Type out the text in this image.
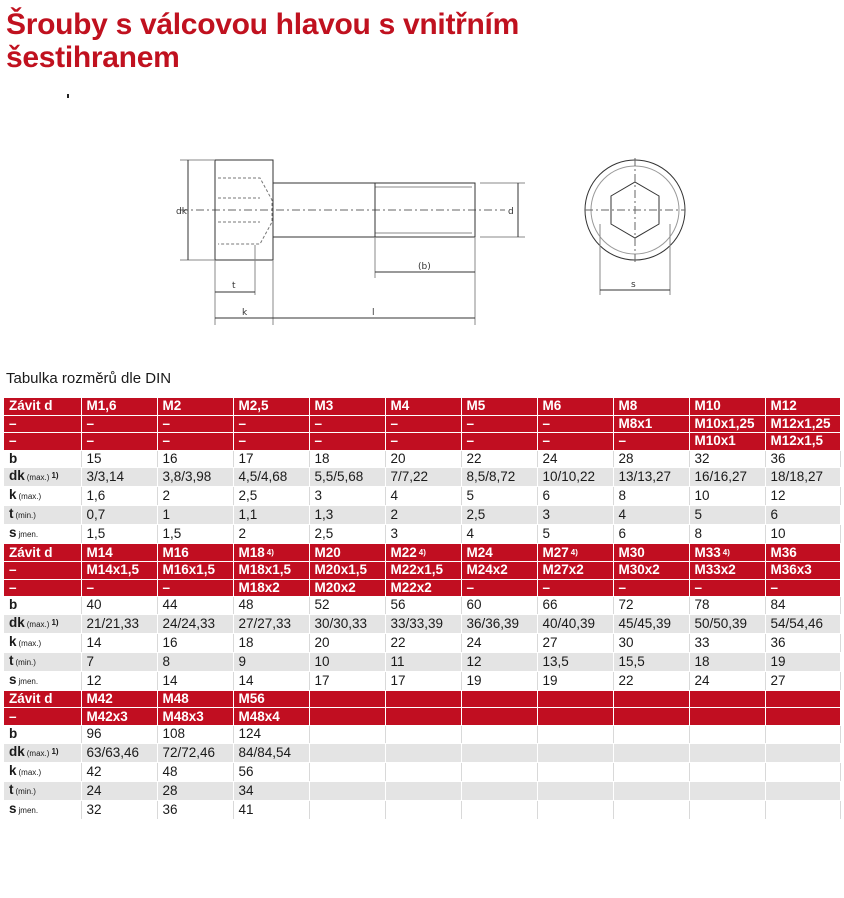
Šrouby s válcovou hlavou s vnitřním
šestihranem
dk	d
t
k	l
(b)
s
Tabulka rozměrů dle DIN
Závit d	M1,6	M2	M2,5	M3	M4	M5	M6	M8	M10	M12
–	–	–	–	–	–	–	–	M8x1	M10x1,25	M12x1,25
–	–	–	–	–	–	–	–	–	M10x1	M12x1,5
b	15	16	17	18	20	22	24	28	32	36
dk (max.) $^{1)}$	3/3,14	3,8/3,98	4,5/4,68	5,5/5,68	7/7,22	8,5/8,72	10/10,22	13/13,27	16/16,27	18/18,27
k (max.)	1,6	2	2,5	3	4	5	6	8	10	12
t (min.)	0,7	1	1,1	1,3	2	2,5	3	4	5	6
s jmen.	1,5	1,5	2	2,5	3	4	5	6	8	10
Závit d	M14	M16	M18 $^{4)}$	M20	M22 $^{4)}$	M24	M27 $^{4)}$	M30	M33 $^{4)}$	M36
–	M14x1,5	M16x1,5	M18x1,5	M20x1,5	M22x1,5	M24x2	M27x2	M30x2	M33x2	M36x3
–	–	–	M18x2	M20x2	M22x2	–	–	–	–	–
b	40	44	48	52	56	60	66	72	78	84
dk (max.) $^{1)}$	21/21,33	24/24,33	27/27,33	30/30,33	33/33,39	36/36,39	40/40,39	45/45,39	50/50,39	54/54,46
k (max.)	14	16	18	20	22	24	27	30	33	36
t (min.)	7	8	9	10	11	12	13,5	15,5	18	19
s jmen.	12	14	14	17	17	19	19	22	24	27
Závit d	M42	M48	M56							
–	M42x3	M48x3	M48x4							
b	96	108	124							
dk (max.) $^{1)}$	63/63,46	72/72,46	84/84,54							
k (max.)	42	48	56							
t (min.)	24	28	34							
s jmen.	32	36	41							
